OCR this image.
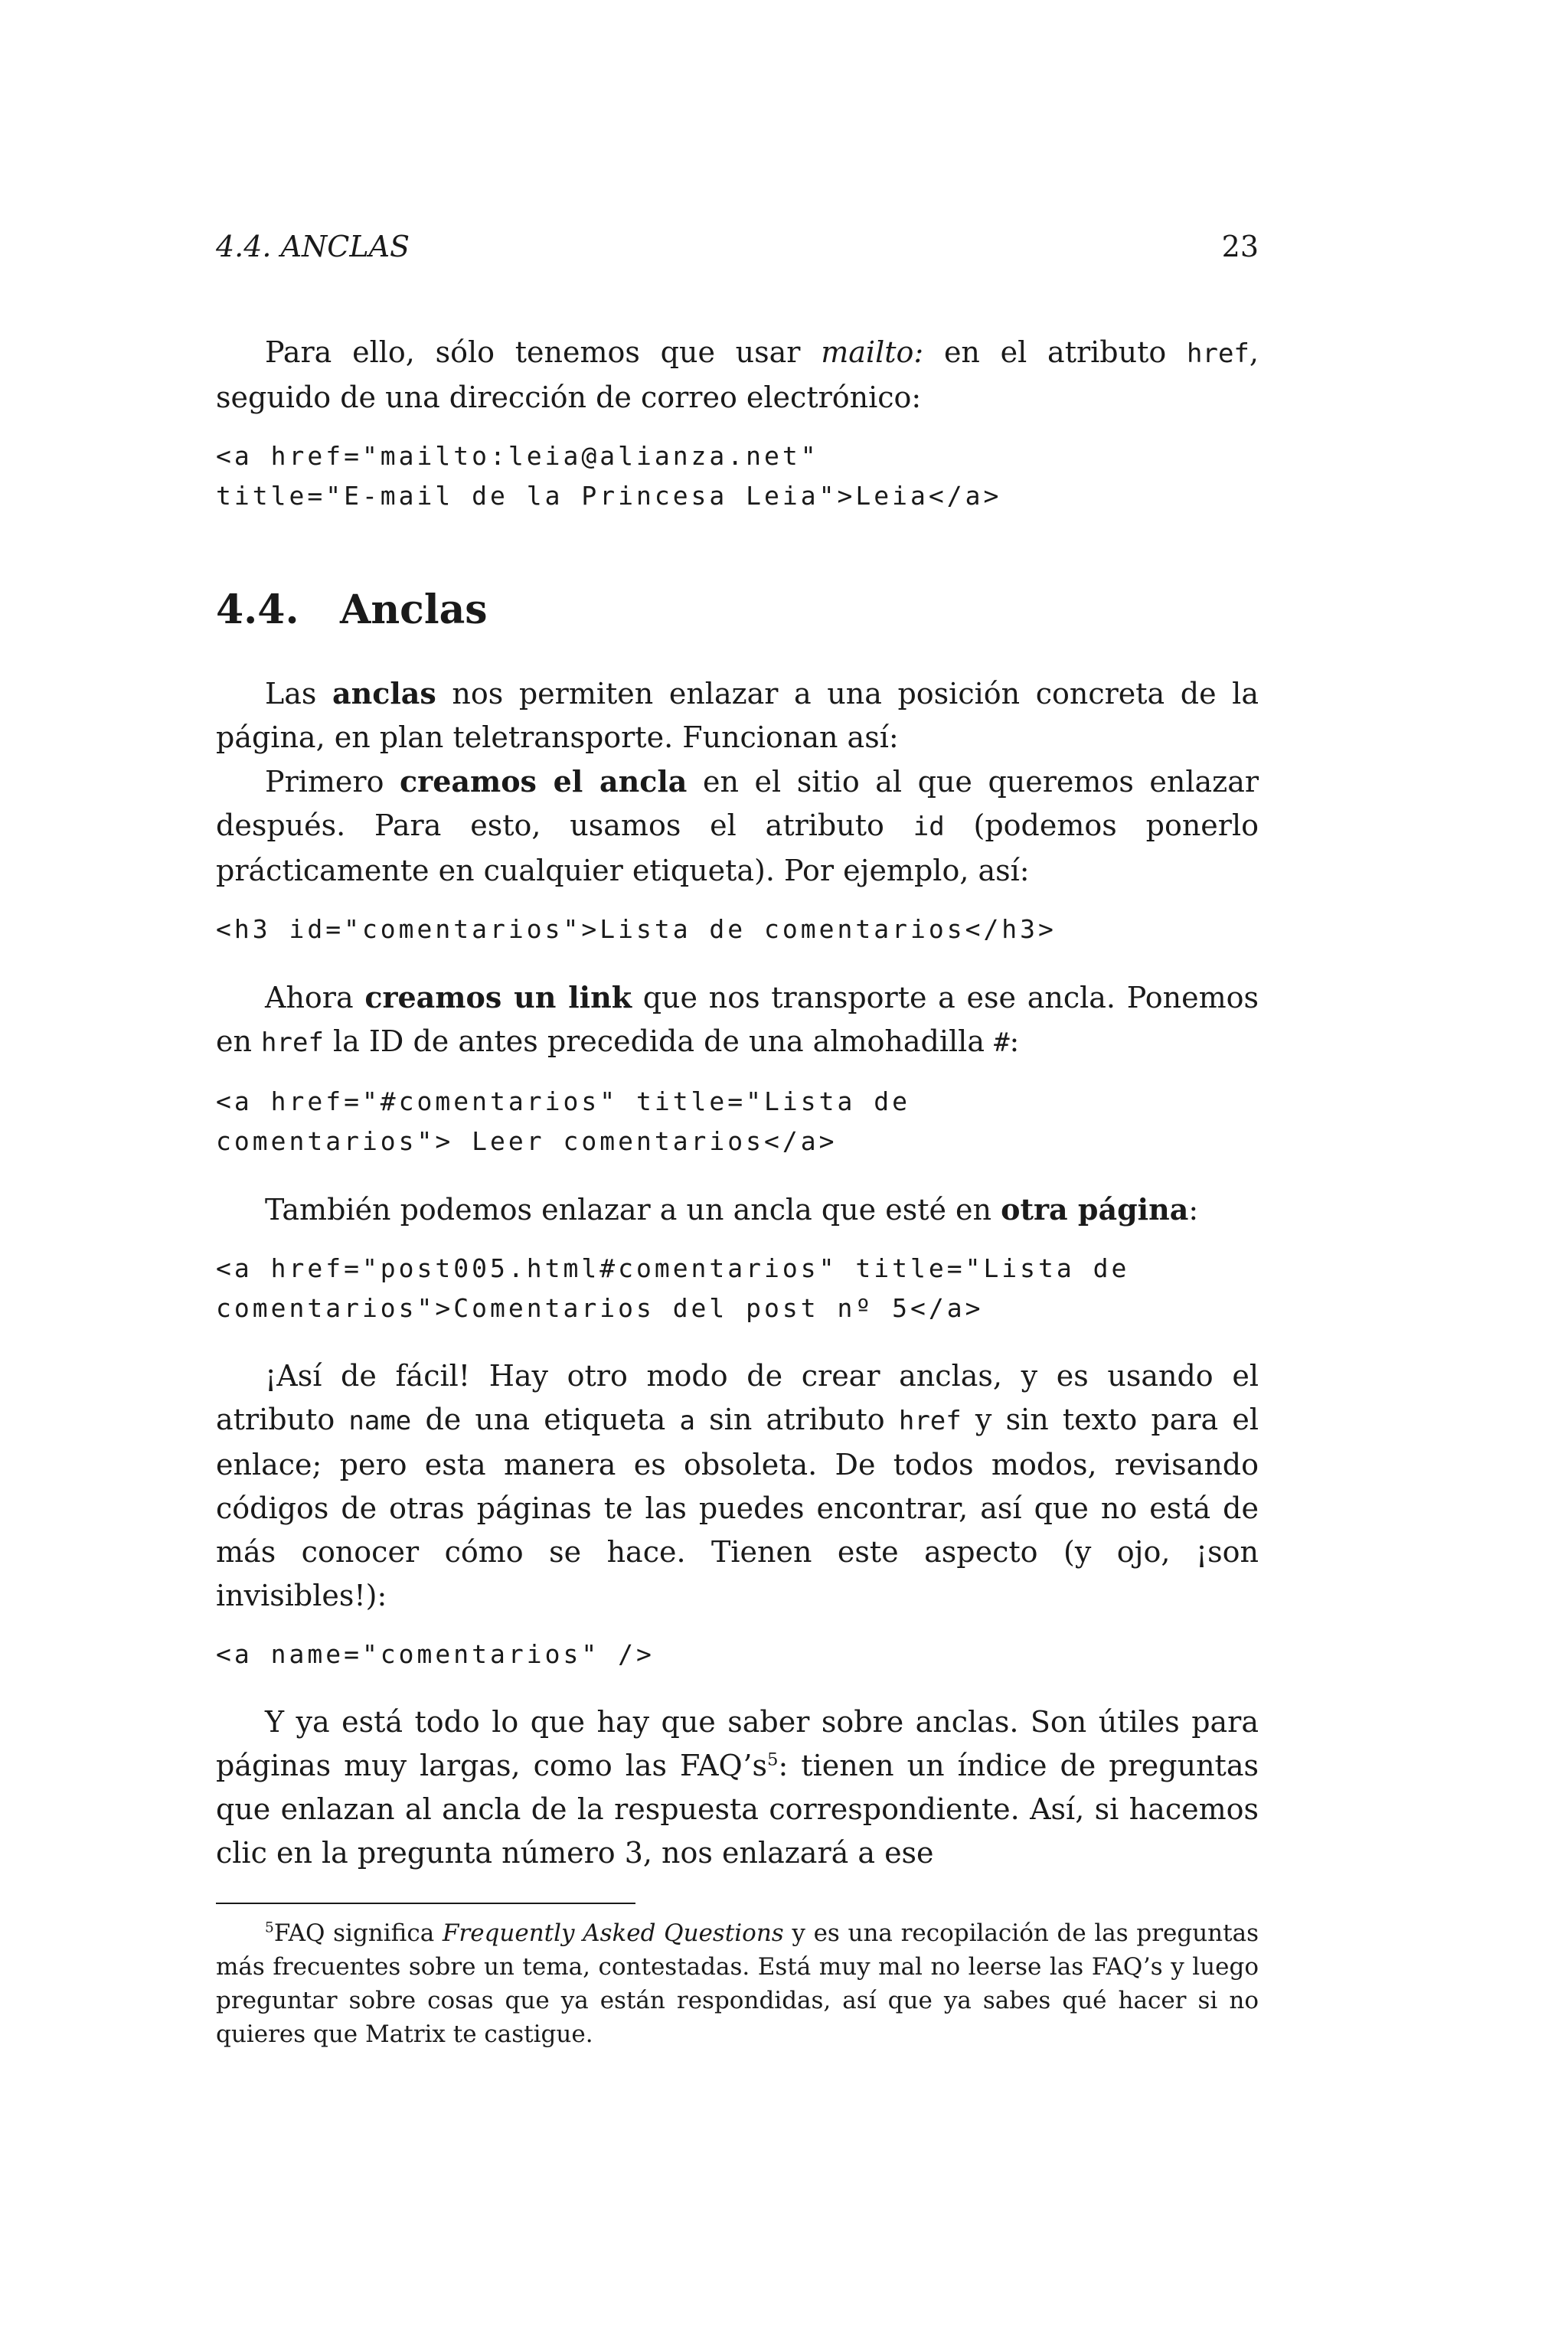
4.4. ANCLAS	23

Para ello, sólo tenemos que usar mailto: en el atributo href, seguido de una dirección de correo electrónico:

<a href="mailto:leia@alianza.net"
title="E-mail de la Princesa Leia">Leia</a>
4.4.	Anclas

Las anclas nos permiten enlazar a una posición concreta de la página, en plan teletransporte. Funcionan así:

Primero creamos el ancla en el sitio al que queremos enlazar después. Para esto, usamos el atributo id (podemos ponerlo prácticamente en cualquier etiqueta). Por ejemplo, así:

<h3 id="comentarios">Lista de comentarios</h3>

Ahora creamos un link que nos transporte a ese ancla. Ponemos en href la ID de antes precedida de una almohadilla #:

<a href="#comentarios" title="Lista de
comentarios"> Leer comentarios</a>

También podemos enlazar a un ancla que esté en otra página:

<a href="post005.html#comentarios" title="Lista de
comentarios">Comentarios del post nº 5</a>

¡Así de fácil! Hay otro modo de crear anclas, y es usando el atributo name de una etiqueta a sin atributo href y sin texto para el enlace; pero esta manera es obsoleta. De todos modos, revisando códigos de otras páginas te las puedes encontrar, así que no está de más conocer cómo se hace. Tienen este aspecto (y ojo, ¡son invisibles!):

<a name="comentarios" />

Y ya está todo lo que hay que saber sobre anclas. Son útiles para páginas muy largas, como las $FAQ’s^5$: tienen un índice de preguntas que enlazan al ancla de la respuesta correspondiente. Así, si hacemos clic en la pregunta número 3, nos enlazará a ese

$^5$FAQ significa Frequently Asked Questions y es una recopilación de las preguntas más frecuentes sobre un tema, contestadas. Está muy mal no leerse las FAQ’s y luego preguntar sobre cosas que ya están respondidas, así que ya sabes qué hacer si no quieres que Matrix te castigue.
